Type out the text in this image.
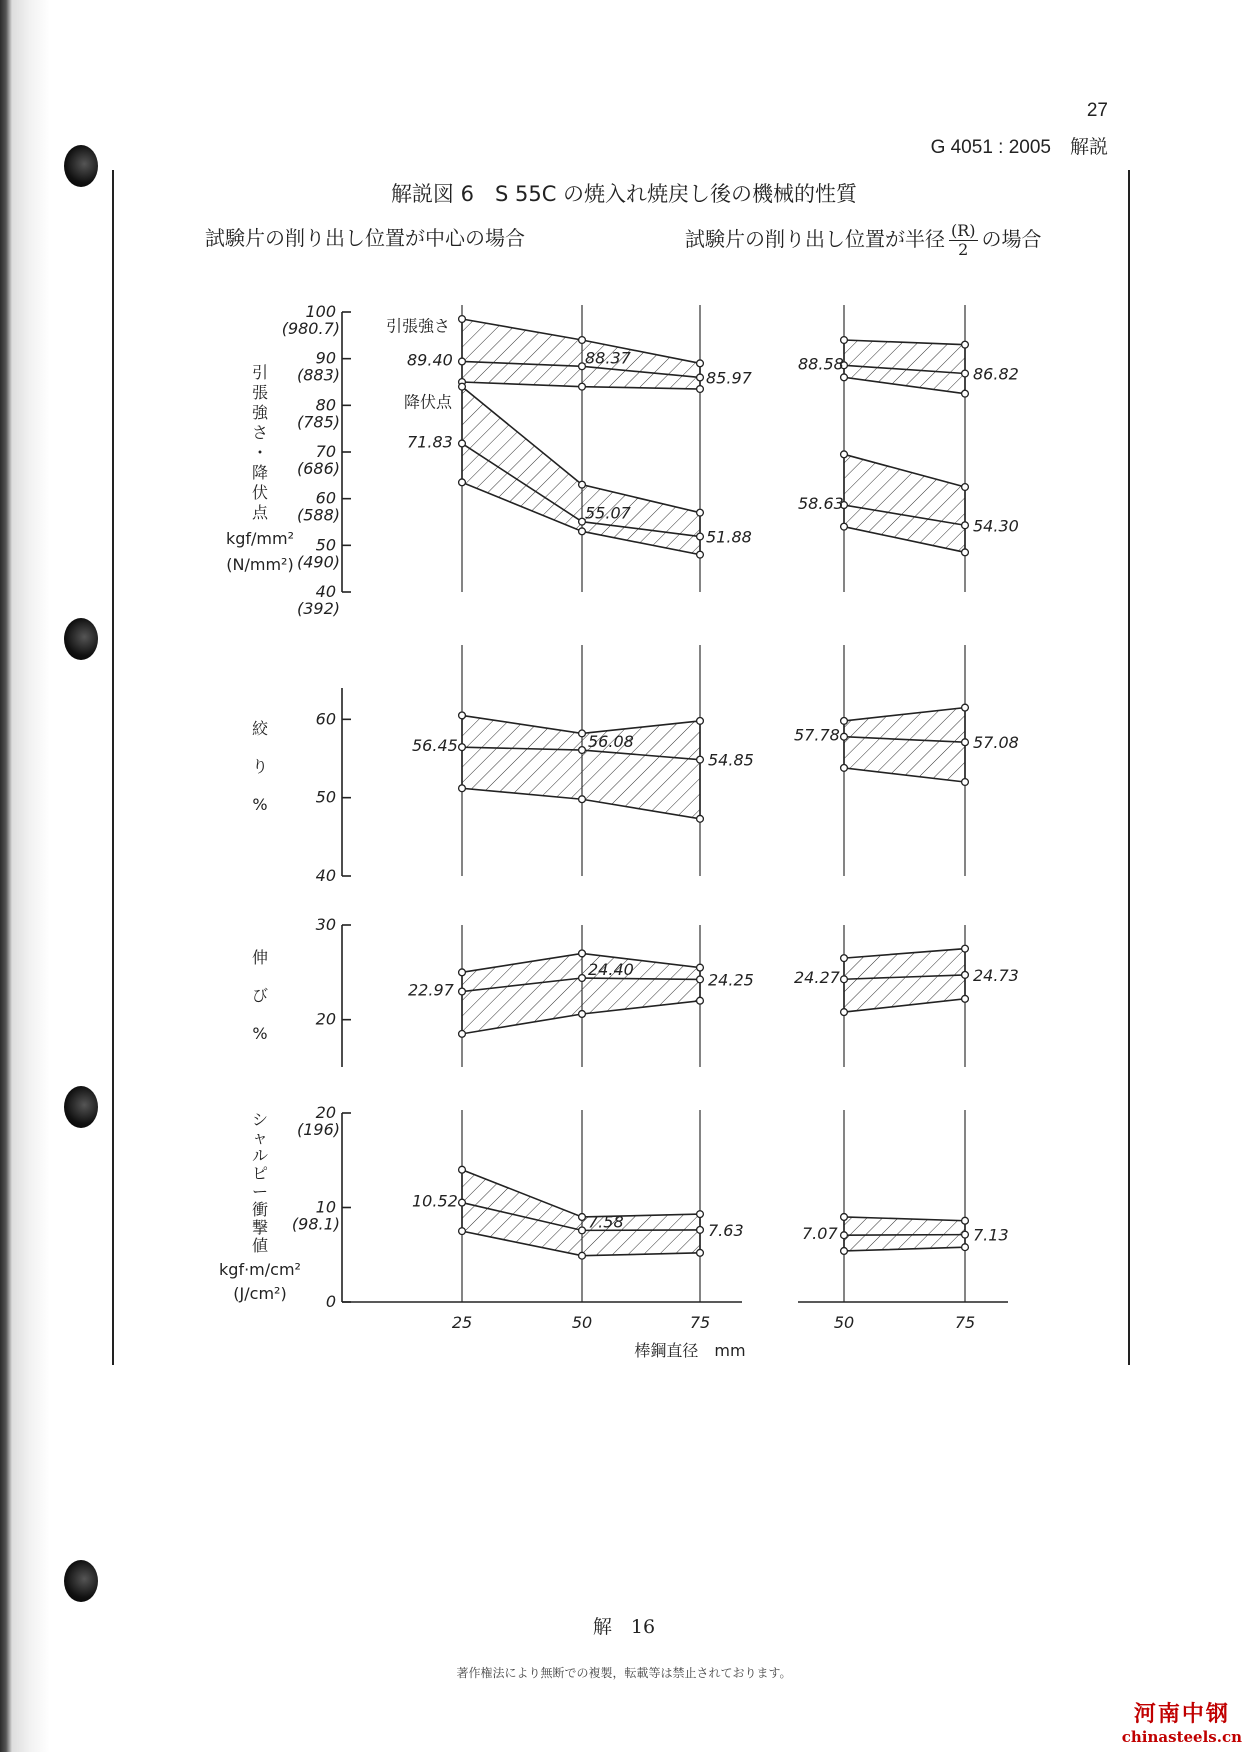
27
G 4051 : 2005　解説
解説図 6　S 55C の焼入れ焼戻し後の機械的性質
試験片の削り出し位置が中心の場合	試験片の削り出し位置が半径 $\frac{(R)}{2}$ の場合
100
(980.7)
90
(883)
80
(785)
70
(686)
60
(588)
50
(490)
40
(392)
引
張
強
さ
・
降
伏
点
kgf/mm²
(N/mm²)
89.40	88.37
85.97
引張強さ
71.83
55.07
51.88
降伏点
88.58
86.82
58.63
54.30
60
50
40
絞
り
%
56.45	56.08
54.85
57.78	57.08
30
20
伸
び
%
22.97
24.40
24.25	24.27	24.73
20
(196)
10
(98.1)
0
25	50	75
棒鋼直径　mm
シ
ャ
ル
ピ
ー
衝
撃
値
kgf·m/cm²
(J/cm²)
10.52
7.58	7.63
50	75
7.07	7.13
解　16
著作権法により無断での複製，転載等は禁止されております。
河南中钢
chinasteels.cn
